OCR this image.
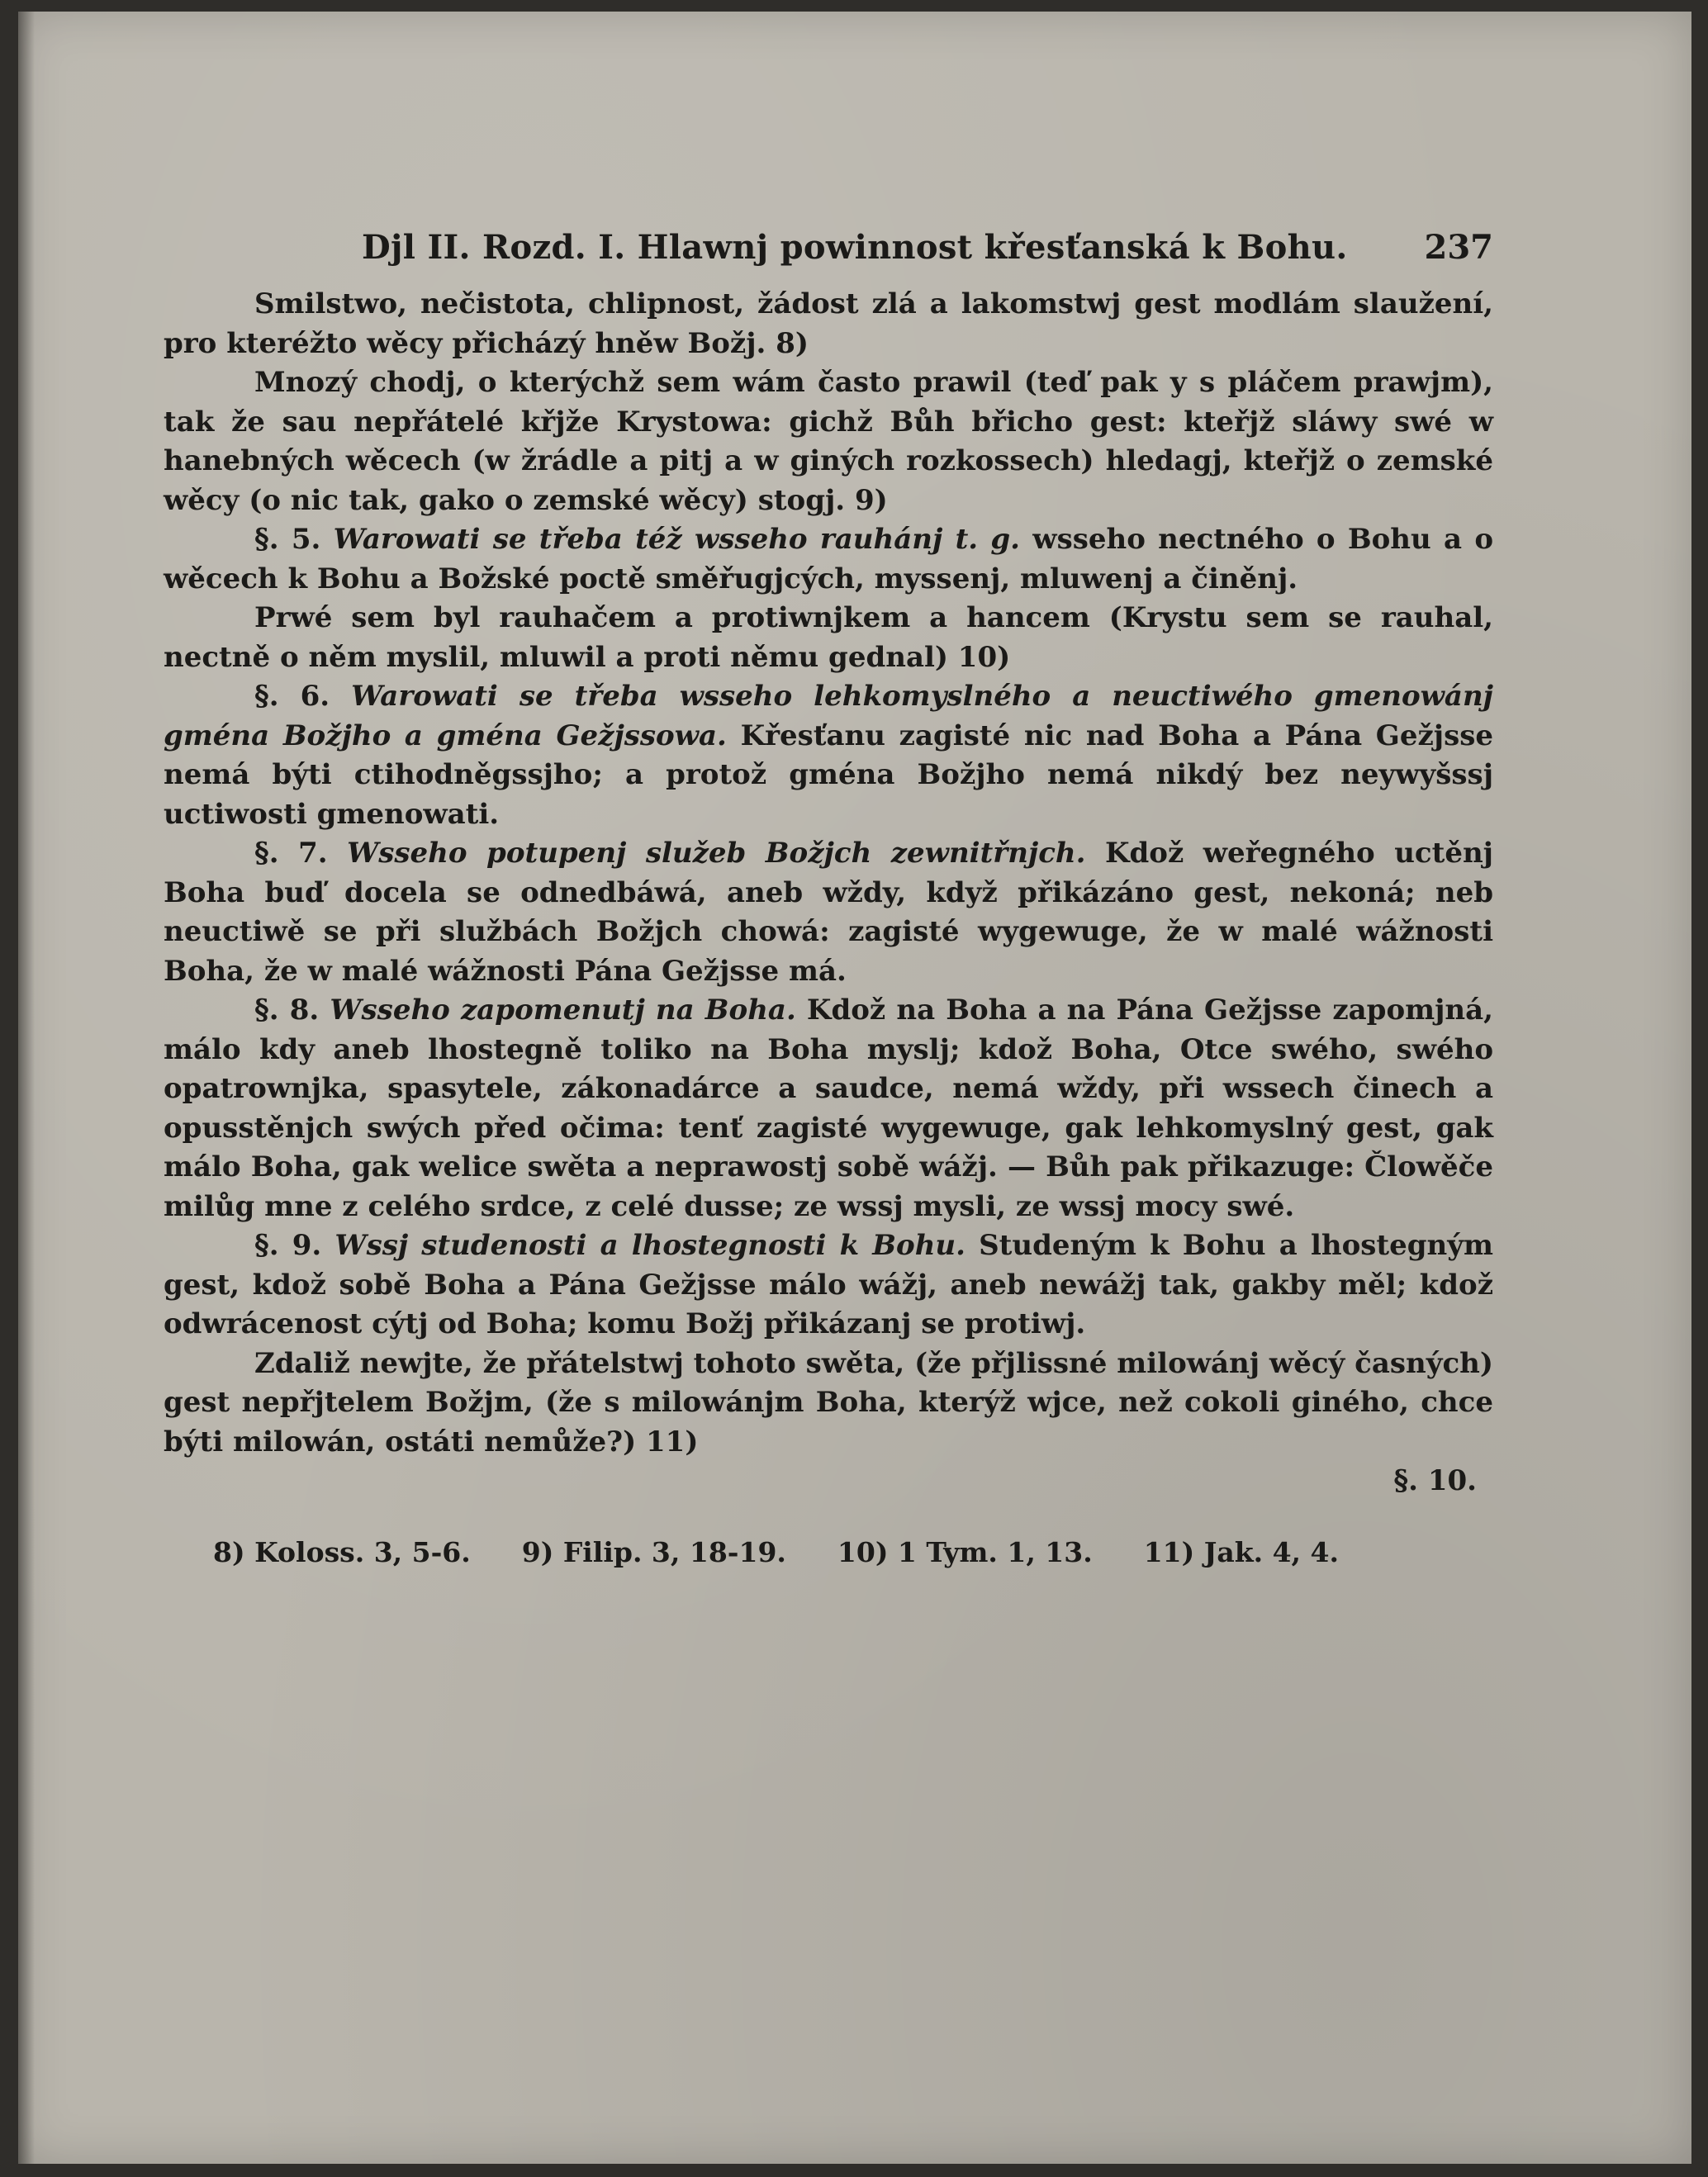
Djl II. Rozd. I. Hlawnj powinnost křesťanská k Bohu. 237

Smilstwo, nečistota, chlipnost, žádost zlá a lakomstwj gest modlám slaužení, pro kteréžto wěcy přicházý hněw Božj. 8)

Mnozý chodj, o kterýchž sem wám často prawil (teď pak y s pláčem prawjm), tak že sau nepřátelé křjže Krystowa: gichž Bůh břicho gest: kteřjž sláwy swé w hanebných wěcech (w žrádle a pitj a w giných rozkossech) hledagj, kteřjž o zemské wěcy (o nic tak, gako o zemské wěcy) stogj. 9)

§. 5. Warowati se třeba též wsseho rauhánj t. g. wsseho nectného o Bohu a o wěcech k Bohu a Božské poctě směřugjcých, myssenj, mluwenj a činěnj.

Prwé sem byl rauhačem a protiwnjkem a hancem (Krystu sem se rauhal, nectně o něm myslil, mluwil a proti němu gednal) 10)

§. 6. Warowati se třeba wsseho lehkomyslného a neuctiwého gmenowánj gména Božjho a gména Gežjssowa. Křesťanu zagisté nic nad Boha a Pána Gežjsse nemá býti ctihodněgssjho; a protož gména Božjho nemá nikdý bez neywyšssj uctiwosti gmenowati.

§. 7. Wsseho potupenj služeb Božjch zewnitřnjch. Kdož weřegného uctěnj Boha buď docela se odnedbáwá, aneb wždy, když přikázáno gest, nekoná; neb neuctiwě se při službách Božjch chowá: zagisté wygewuge, že w malé wážnosti Boha, že w malé wážnosti Pána Gežjsse má.

§. 8. Wsseho zapomenutj na Boha. Kdož na Boha a na Pána Gežjsse zapomjná, málo kdy aneb lhostegně toliko na Boha myslj; kdož Boha, Otce swého, swého opatrownjka, spasytele, zákonadárce a saudce, nemá wždy, při wssech činech a opusstěnjch swých před očima: tenť zagisté wygewuge, gak lehkomyslný gest, gak málo Boha, gak welice swěta a neprawostj sobě wážj. — Bůh pak přikazuge: Člowěče milůg mne z celého srdce, z celé dusse; ze wssj mysli, ze wssj mocy swé.

§. 9. Wssj studenosti a lhostegnosti k Bohu. Studeným k Bohu a lhostegným gest, kdož sobě Boha a Pána Gežjsse málo wážj, aneb newážj tak, gakby měl; kdož odwrácenost cýtj od Boha; komu Božj přikázanj se protiwj.

Zdaliž newjte, že přátelstwj tohoto swěta, (že přjlissné milowánj wěcý časných) gest nepřjtelem Božjm, (že s milowánjm Boha, kterýž wjce, než cokoli giného, chce býti milowán, ostáti nemůže?) 11)

§. 10.
8) Koloss. 3, 5-6. 9) Filip. 3, 18-19. 10) 1 Tym. 1, 13. 11) Jak. 4, 4.
